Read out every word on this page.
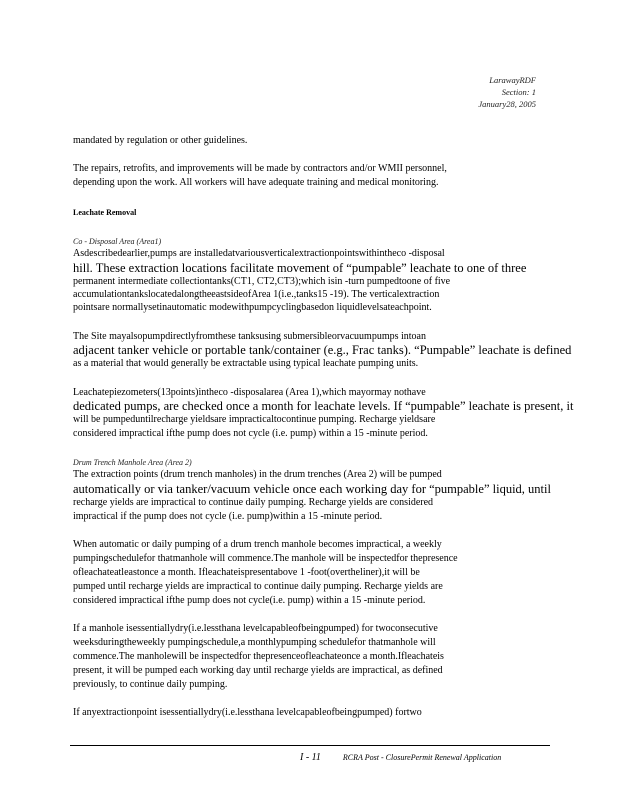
LarawayRDF
Section: 1
January28, 2005
mandated by regulation or other guidelines.
The repairs, retrofits, and improvements will be made by contractors and/or WMII personnel,
depending upon the work. All workers will have adequate training and medical monitoring.
Leachate Removal
Co - Disposal Area (Area1)
Asdescribedearlier,pumps are installedatvariousverticalextractionpointswithintheco -disposal
hill. These extraction locations facilitate movement of “pumpable” leachate to one of three
permanent intermediate collectiontanks(CT1, CT2,CT3);which isin -turn pumpedtoone of five
accumulationtankslocatedalongtheeastsideofArea 1(i.e.,tanks15 -19). The verticalextraction
pointsare normallysetinautomatic modewithpumpcyclingbasedon liquidlevelsateachpoint.
The Site mayalsopumpdirectlyfromthese tanksusing submersibleorvacuumpumps intoan
adjacent tanker vehicle or portable tank/container (e.g., Frac tanks). “Pumpable” leachate is defined
as a material that would generally be extractable using typical leachate pumping units.
Leachatepiezometers(13points)intheco -disposalarea (Area 1),which mayormay nothave
dedicated pumps, are checked once a month for leachate levels. If “pumpable” leachate is present, it
will be pumpeduntilrecharge yieldsare impracticaltocontinue pumping. Recharge yieldsare
considered impractical ifthe pump does not cycle (i.e. pump) within a 15 -minute period.
Drum Trench Manhole Area (Area 2)
The extraction points (drum trench manholes) in the drum trenches (Area 2) will be pumped
automatically or via tanker/vacuum vehicle once each working day for “pumpable” liquid, until
recharge yields are impractical to continue daily pumping. Recharge yields are considered
impractical if the pump does not cycle (i.e. pump)within a 15 -minute period.
When automatic or daily pumping of a drum trench manhole becomes impractical, a weekly
pumpingschedulefor thatmanhole will commence.The manhole will be inspectedfor thepresence
ofleachateatleastonce a month. Ifleachateispresentabove 1 -foot(overtheliner),it will be
pumped until recharge yields are impractical to continue daily pumping. Recharge yields are
considered impractical ifthe pump does not cycle(i.e. pump) within a 15 -minute period.
If a manhole isessentiallydry(i.e.lessthana levelcapableofbeingpumped) for twoconsecutive
weeksduringtheweekly pumpingschedule,a monthlypumping schedulefor thatmanhole will
commence.The manholewill be inspectedfor thepresenceofleachateonce a month.Ifleachateis
present, it will be pumped each working day until recharge yields are impractical, as defined
previously, to continue daily pumping.
If anyextractionpoint isessentiallydry(i.e.lessthana levelcapableofbeingpumped) fortwo
I - 11	RCRA Post - ClosurePermit Renewal Application
